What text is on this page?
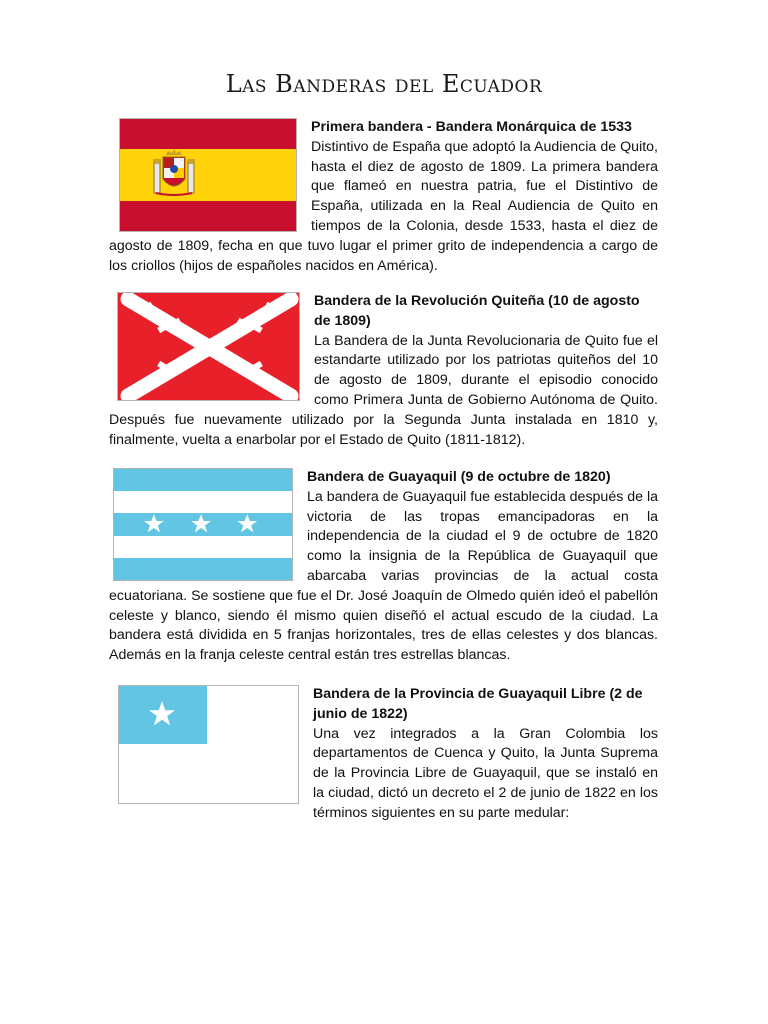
Las Banderas del Ecuador
Primera bandera - Bandera Monárquica de 1533
Distintivo de España que adoptó la Audiencia de Quito, hasta el diez de agosto de 1809. La primera bandera que flameó en nuestra patria, fue el Distintivo de España, utilizada en la Real Audiencia de Quito en tiempos de la Colonia, desde 1533, hasta el diez de agosto de 1809, fecha en que tuvo lugar el primer grito de independencia a cargo de los criollos (hijos de españoles nacidos en América).
Bandera de la Revolución Quiteña (10 de agosto de 1809)
La Bandera de la Junta Revolucionaria de Quito fue el estandarte utilizado por los patriotas quiteños del 10 de agosto de 1809, durante el episodio conocido como Primera Junta de Gobierno Autónoma de Quito. Después fue nuevamente utilizado por la Segunda Junta instalada en 1810 y, finalmente, vuelta a enarbolar por el Estado de Quito (1811-1812).
Bandera de Guayaquil (9 de octubre de 1820)
La bandera de Guayaquil fue establecida después de la victoria de las tropas emancipadoras en la independencia de la ciudad el 9 de octubre de 1820 como la insignia de la República de Guayaquil que abarcaba varias provincias de la actual costa ecuatoriana. Se sostiene que fue el Dr. José Joaquín de Olmedo quién ideó el pabellón celeste y blanco, siendo él mismo quien diseñó el actual escudo de la ciudad. La bandera está dividida en 5 franjas horizontales, tres de ellas celestes y dos blancas. Además en la franja celeste central están tres estrellas blancas.
Bandera de la Provincia de Guayaquil Libre (2 de junio de 1822)
Una vez integrados a la Gran Colombia los departamentos de Cuenca y Quito, la Junta Suprema de la Provincia Libre de Guayaquil, que se instaló en la ciudad, dictó un decreto el 2 de junio de 1822 en los términos siguientes en su parte medular:
